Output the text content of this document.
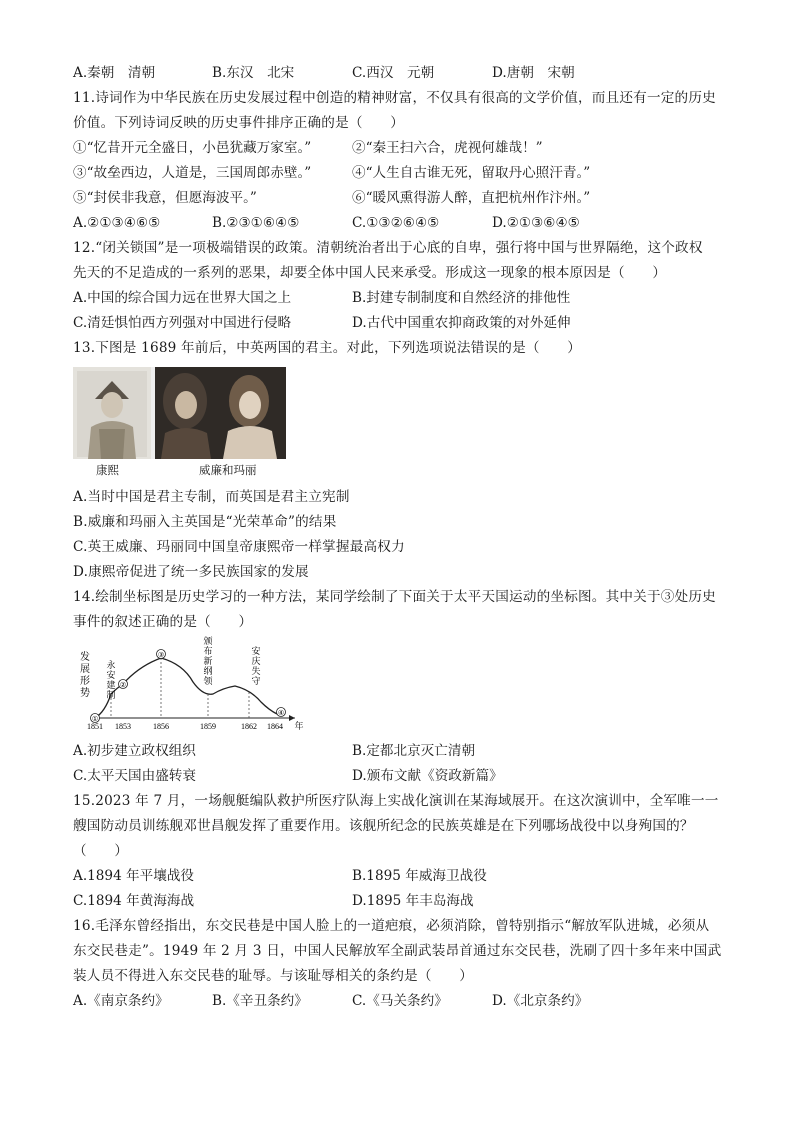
A.秦朝　清朝	B.东汉　北宋	C.西汉　元朝	D.唐朝　宋朝
11.诗词作为中华民族在历史发展过程中创造的精神财富，不仅具有很高的文学价值，而且还有一定的历史
价值。下列诗词反映的历史事件排序正确的是（　　）
①“忆昔开元全盛日，小邑犹藏万家室。”	②“秦王扫六合，虎视何雄哉！”
③“故垒西边，人道是，三国周郎赤壁。”	④“人生自古谁无死，留取丹心照汗青。”
⑤“封侯非我意，但愿海波平。”	⑥“暖风熏得游人醉，直把杭州作汴州。”
A.②①③④⑥⑤	B.②③①⑥④⑤	C.①③②⑥④⑤	D.②①③⑥④⑤
12.“闭关锁国”是一项极端错误的政策。清朝统治者出于心底的自卑，强行将中国与世界隔绝，这个政权
先天的不足造成的一系列的恶果，却要全体中国人民来承受。形成这一现象的根本原因是（　　）
A.中国的综合国力远在世界大国之上	B.封建专制制度和自然经济的排他性
C.清廷惧怕西方列强对中国进行侵略	D.古代中国重农抑商政策的对外延伸
13.下图是 1689 年前后，中英两国的君主。对此，下列选项说法错误的是（　　）
康熙	威廉和玛丽
A.当时中国是君主专制，而英国是君主立宪制
B.威廉和玛丽入主英国是“光荣革命”的结果
C.英王威廉、玛丽同中国皇帝康熙帝一样掌握最高权力
D.康熙帝促进了统一多民族国家的发展
14.绘制坐标图是历史学习的一种方法，某同学绘制了下面关于太平天国运动的坐标图。其中关于③处历史
事件的叙述正确的是（　　）
发
展
形
势
①
②
③
④
永
安
建
制
颁
布
新
纲
领
安
庆
失
守
1851 1853	1856	1859	1862 1864 年
A.初步建立政权组织	B.定都北京灭亡清朝
C.太平天国由盛转衰	D.颁布文献《资政新篇》
15.2023 年 7 月，一场舰艇编队救护所医疗队海上实战化演训在某海域展开。在这次演训中，全军唯一一
艘国防动员训练舰邓世昌舰发挥了重要作用。该舰所纪念的民族英雄是在下列哪场战役中以身殉国的？
（　　）
A.1894 年平壤战役	B.1895 年威海卫战役
C.1894 年黄海海战	D.1895 年丰岛海战
16.毛泽东曾经指出，东交民巷是中国人脸上的一道疤痕，必须消除，曾特别指示“解放军队进城，必须从
东交民巷走”。1949 年 2 月 3 日，中国人民解放军全副武装昂首通过东交民巷，洗刷了四十多年来中国武
装人员不得进入东交民巷的耻辱。与该耻辱相关的条约是（　　）
A.《南京条约》	B.《辛丑条约》	C.《马关条约》	D.《北京条约》
